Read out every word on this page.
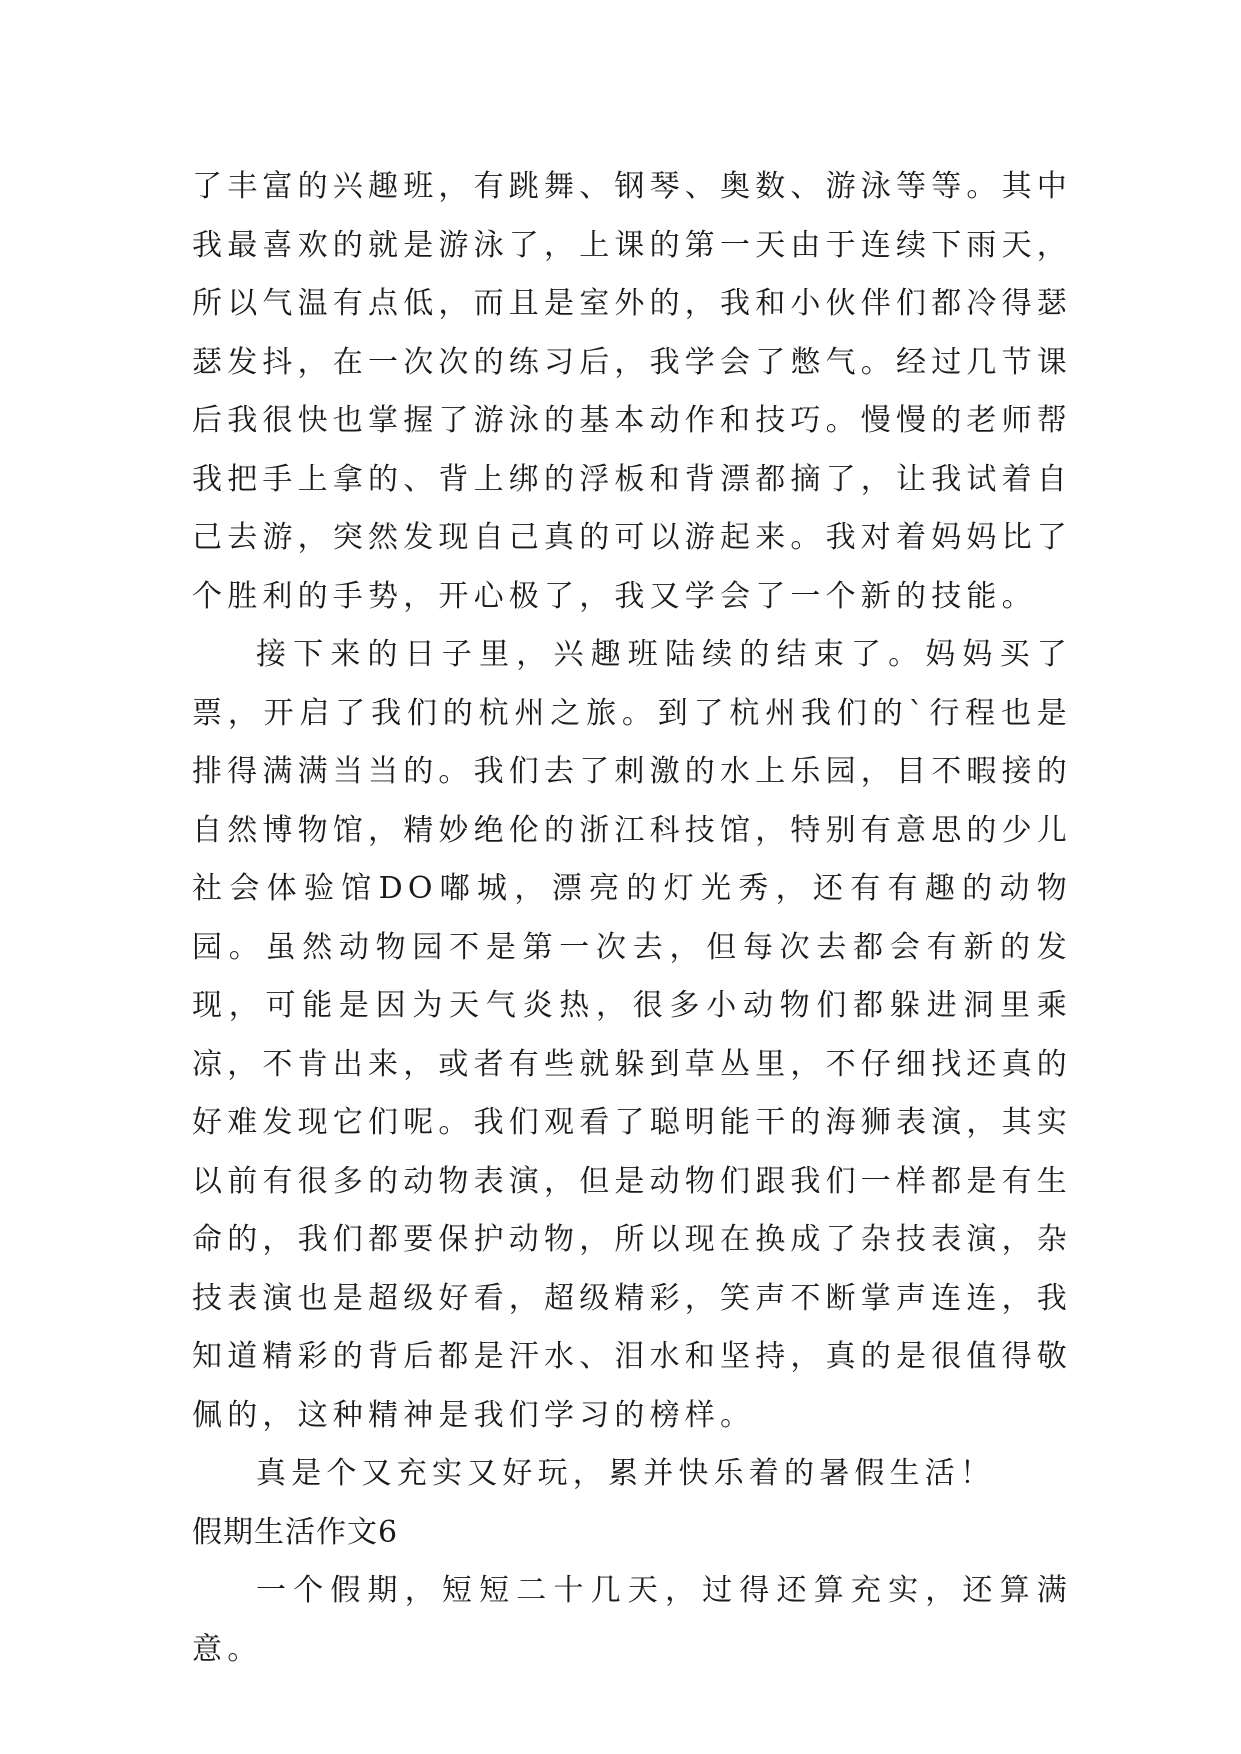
了丰富的兴趣班，有跳舞、钢琴、奥数、游泳等等。其中我最喜欢的就是游泳了，上课的第一天由于连续下雨天，所以气温有点低，而且是室外的，我和小伙伴们都冷得瑟瑟发抖，在一次次的练习后，我学会了憋气。经过几节课后我很快也掌握了游泳的基本动作和技巧。慢慢的老师帮我把手上拿的、背上绑的浮板和背漂都摘了，让我试着自己去游，突然发现自己真的可以游起来。我对着妈妈比了个胜利的手势，开心极了，我又学会了一个新的技能。

接下来的日子里，兴趣班陆续的结束了。妈妈买了票，开启了我们的杭州之旅。到了杭州我们的`行程也是排得满满当当的。我们去了刺激的水上乐园，目不暇接的自然博物馆，精妙绝伦的浙江科技馆，特别有意思的少儿社会体验馆DO嘟城，漂亮的灯光秀，还有有趣的动物园。虽然动物园不是第一次去，但每次去都会有新的发现，可能是因为天气炎热，很多小动物们都躲进洞里乘凉，不肯出来，或者有些就躲到草丛里，不仔细找还真的好难发现它们呢。我们观看了聪明能干的海狮表演，其实以前有很多的动物表演，但是动物们跟我们一样都是有生命的，我们都要保护动物，所以现在换成了杂技表演，杂技表演也是超级好看，超级精彩，笑声不断掌声连连，我知道精彩的背后都是汗水、泪水和坚持，真的是很值得敬佩的，这种精神是我们学习的榜样。

真是个又充实又好玩，累并快乐着的暑假生活！

假期生活作文6

一个假期，短短二十几天，过得还算充实，还算满意。
